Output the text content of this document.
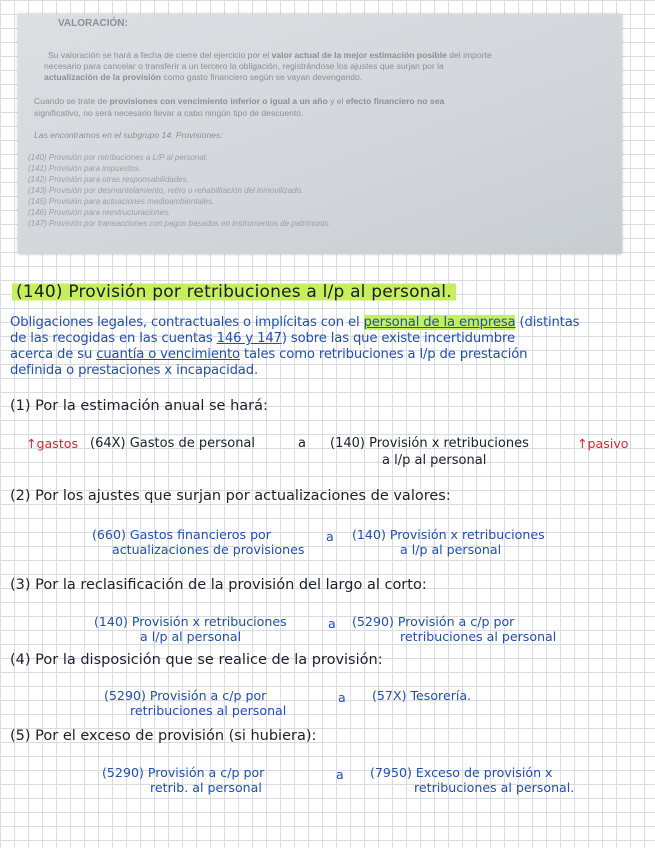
VALORACIÓN:
Su valoración se hará a fecha de cierre del ejercicio por el valor actual de la mejor estimación posible del importe
necesario para cancelar o transferir a un tercero la obligación, registrándose los ajustes que surjan por la
actualización de la provisión como gasto financiero según se vayan devengando.
Cuando se trate de provisiones con vencimiento inferior o igual a un año y el efecto financiero no sea
significativo, no será necesario llevar a cabo ningún tipo de descuento.
Las encontramos en el subgrupo 14. Provisiones:
(140) Provisión por retribuciones a L/P al personal.
(141) Provisión para impuestos.
(142) Provisión para otras responsabilidades.
(143) Provisión por desmantelamiento, retiro o rehabilitación del inmovilizado.
(145) Provisión para actuaciones medioambientales.
(146) Provisión para reestructuraciones.
(147) Provisión por transacciones con pagos basados en instrumentos de patrimonio.
(140) Provisión por retribuciones a l/p al personal.
Obligaciones legales, contractuales o implícitas con el personal de la empresa (distintas
de las recogidas en las cuentas 146 y 147) sobre las que existe incertidumbre
acerca de su cuantía o vencimiento tales como retribuciones a l/p de prestación
definida o prestaciones x incapacidad.
(1) Por la estimación anual se hará:
↑gastos (64X) Gastos de personal	a (140) Provisión x retribuciones
a l/p al personal
↑pasivo
(2) Por los ajustes que surjan por actualizaciones de valores:
(660) Gastos financieros por
actualizaciones de provisiones
a (140) Provisión x retribuciones
a l/p al personal
(3) Por la reclasificación de la provisión del largo al corto:
(140) Provisión x retribuciones
a l/p al personal
a (5290) Provisión a c/p por
retribuciones al personal
(4) Por la disposición que se realice de la provisión:
(5290) Provisión a c/p por
retribuciones al personal
a (57X) Tesorería.
(5) Por el exceso de provisión (si hubiera):
(5290) Provisión a c/p por
retrib. al personal
a (7950) Exceso de provisión x
retribuciones al personal.
